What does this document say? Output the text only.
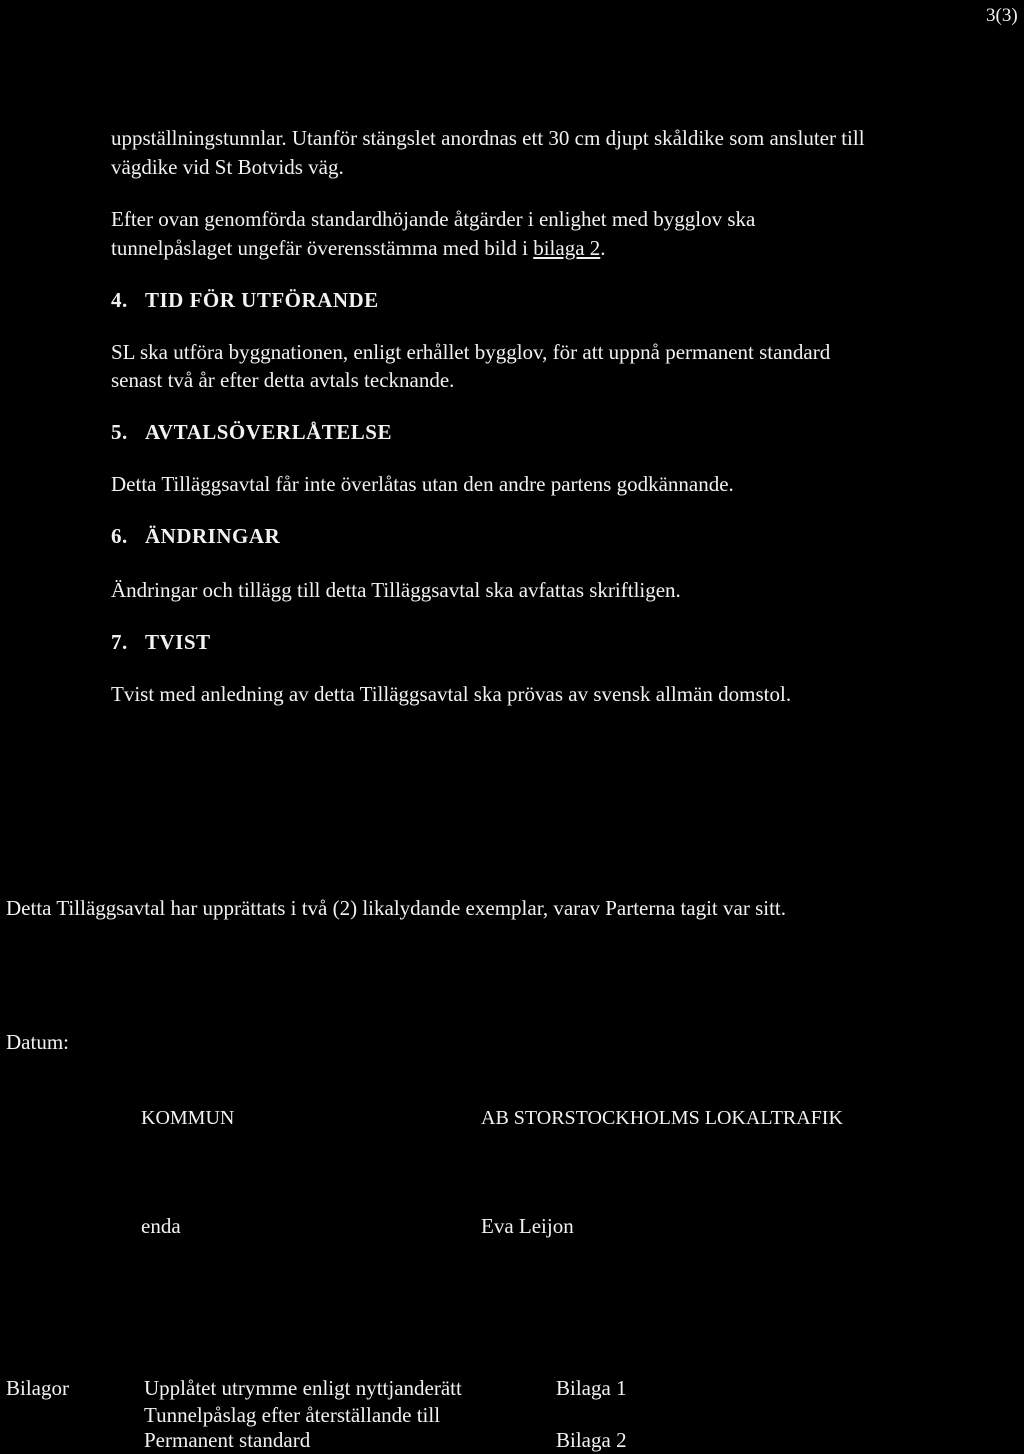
3(3)
uppställningstunnlar. Utanför stängslet anordnas ett 30 cm djupt skåldike som ansluter till
vägdike vid St Botvids väg.
Efter ovan genomförda standardhöjande åtgärder i enlighet med bygglov ska
tunnelpåslaget ungefär överensstämma med bild i bilaga 2.
4. TID FÖR UTFÖRANDE
SL ska utföra byggnationen, enligt erhållet bygglov, för att uppnå permanent standard
senast två år efter detta avtals tecknande.
5. AVTALSÖVERLÅTELSE
Detta Tilläggsavtal får inte överlåtas utan den andre partens godkännande.
6. ÄNDRINGAR
Ändringar och tillägg till detta Tilläggsavtal ska avfattas skriftligen.
7. TVIST
Tvist med anledning av detta Tilläggsavtal ska prövas av svensk allmän domstol.
Detta Tilläggsavtal har upprättats i två (2) likalydande exemplar, varav Parterna tagit var sitt.
Datum:
KOMMUN	AB STORSTOCKHOLMS LOKALTRAFIK
enda	Eva Leijon
Bilagor	Upplåtet utrymme enligt nyttjanderätt	Bilaga 1
Tunnelpåslag efter återställande till
Permanent standard	Bilaga 2
